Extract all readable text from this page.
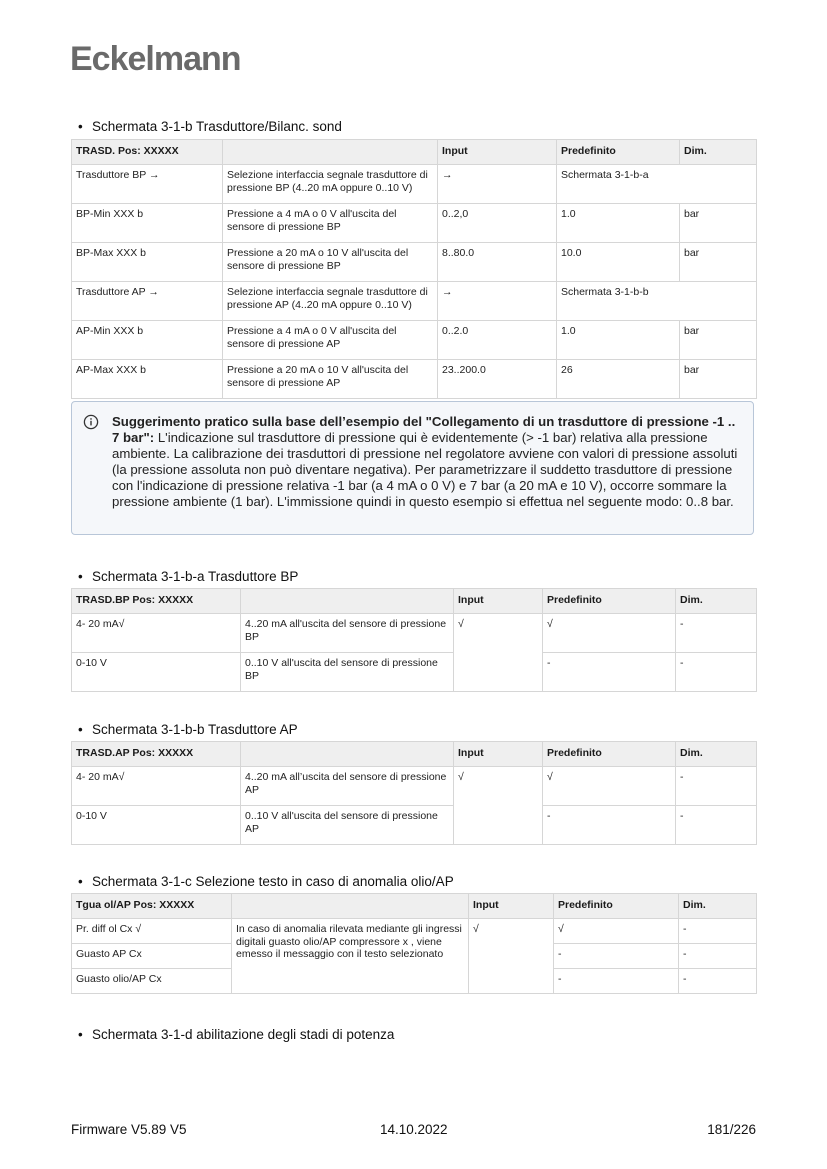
Eckelmann
• Schermata 3-1-b Trasduttore/Bilanc. sond
TRASD. Pos: XXXXX		Input	Predefinito	Dim.
Trasduttore BP →	Selezione interfaccia segnale trasduttore di pressione BP (4..20 mA oppure 0..10 V)	→	Schermata 3-1-b-a	
BP-Min XXX b	Pressione a 4 mA o 0 V all'uscita del sensore di pressione BP	0..2,0	1.0	bar
BP-Max XXX b	Pressione a 20 mA o 10 V all'uscita del sensore di pressione BP	8..80.0	10.0	bar
Trasduttore AP →	Selezione interfaccia segnale trasduttore di pressione AP (4..20 mA oppure 0..10 V)	→	Schermata 3-1-b-b	
AP-Min XXX b	Pressione a 4 mA o 0 V all'uscita del sensore di pressione AP	0..2.0	1.0	bar
AP-Max XXX b	Pressione a 20 mA o 10 V all'uscita del sensore di pressione AP	23..200.0	26	bar
Suggerimento pratico sulla base dell’esempio del "Collegamento di un trasduttore di pressione -1 .. 7 bar": L'indicazione sul trasduttore di pressione qui è evidentemente (> -1 bar) relativa alla pressione ambiente. La calibrazione dei trasduttori di pressione nel regolatore avviene con valori di pressione assoluti (la pressione assoluta non può diventare negativa). Per parametrizzare il suddetto trasduttore di pressione con l'indicazione di pressione relativa -1 bar (a 4 mA o 0 V) e 7 bar (a 20 mA e 10 V), occorre sommare la pressione ambiente (1 bar). L'immissione quindi in questo esempio si effettua nel seguente modo: 0..8 bar.
• Schermata 3-1-b-a Trasduttore BP
TRASD.BP Pos: XXXXX		Input	Predefinito	Dim.
4- 20 mA√	4..20 mA all'uscita del sensore di pressione BP	√	√	-
0-10 V	0..10 V all'uscita del sensore di pressione BP		-	-
• Schermata 3-1-b-b Trasduttore AP
TRASD.AP Pos: XXXXX		Input	Predefinito	Dim.
4- 20 mA√	4..20 mA all’uscita del sensore di pressione AP	√	√	-
0-10 V	0..10 V all'uscita del sensore di pressione AP		-	-
• Schermata 3-1-c Selezione testo in caso di anomalia olio/AP
Tgua ol/AP Pos: XXXXX		Input	Predefinito	Dim.
Pr. diff ol Cx √	In caso di anomalia rilevata mediante gli ingressi digitali guasto olio/AP compressore x , viene emesso il messaggio con il testo selezionato	√	√	-
Guasto AP Cx			-	-
Guasto olio/AP Cx			-	-
• Schermata 3-1-d abilitazione degli stadi di potenza
Firmware V5.89 V5	14.10.2022	181/226
